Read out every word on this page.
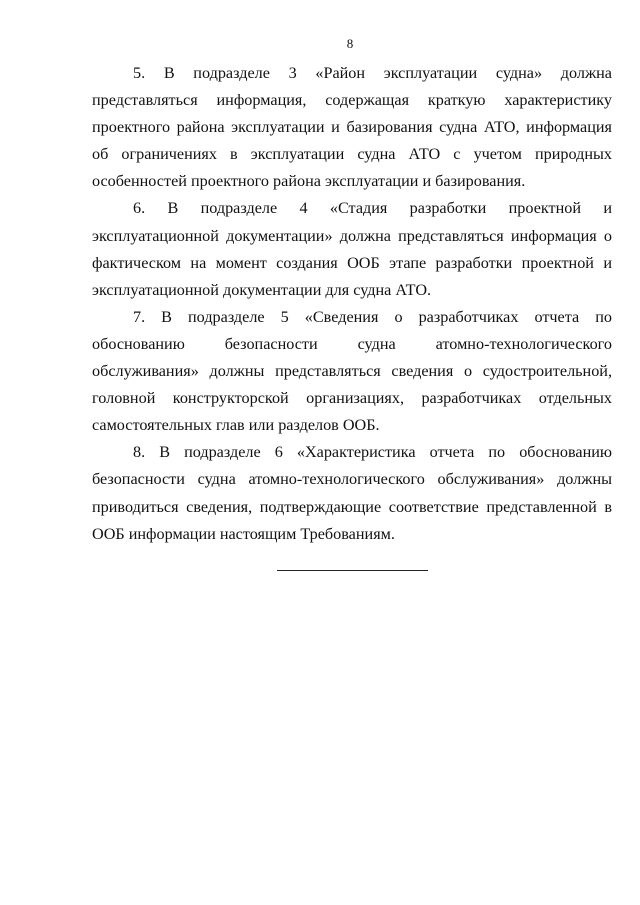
8

5. В подразделе 3 «Район эксплуатации судна» должна представляться информация, содержащая краткую характеристику проектного района эксплуатации и базирования судна АТО, информация об ограничениях в эксплуатации судна АТО с учетом природных особенностей проектного района эксплуатации и базирования.

6. В подразделе 4 «Стадия разработки проектной и эксплуатационной документации» должна представляться информация о фактическом на момент создания ООБ этапе разработки проектной и эксплуатационной документации для судна АТО.

7. В подразделе 5 «Сведения о разработчиках отчета по обоснованию безопасности судна атомно-технологического обслуживания» должны представляться сведения о судостроительной, головной конструкторской организациях, разработчиках отдельных самостоятельных глав или разделов ООБ.

8. В подразделе 6 «Характеристика отчета по обоснованию безопасности судна атомно-технологического обслуживания» должны приводиться сведения, подтверждающие соответствие представленной в ООБ информации настоящим Требованиям.
